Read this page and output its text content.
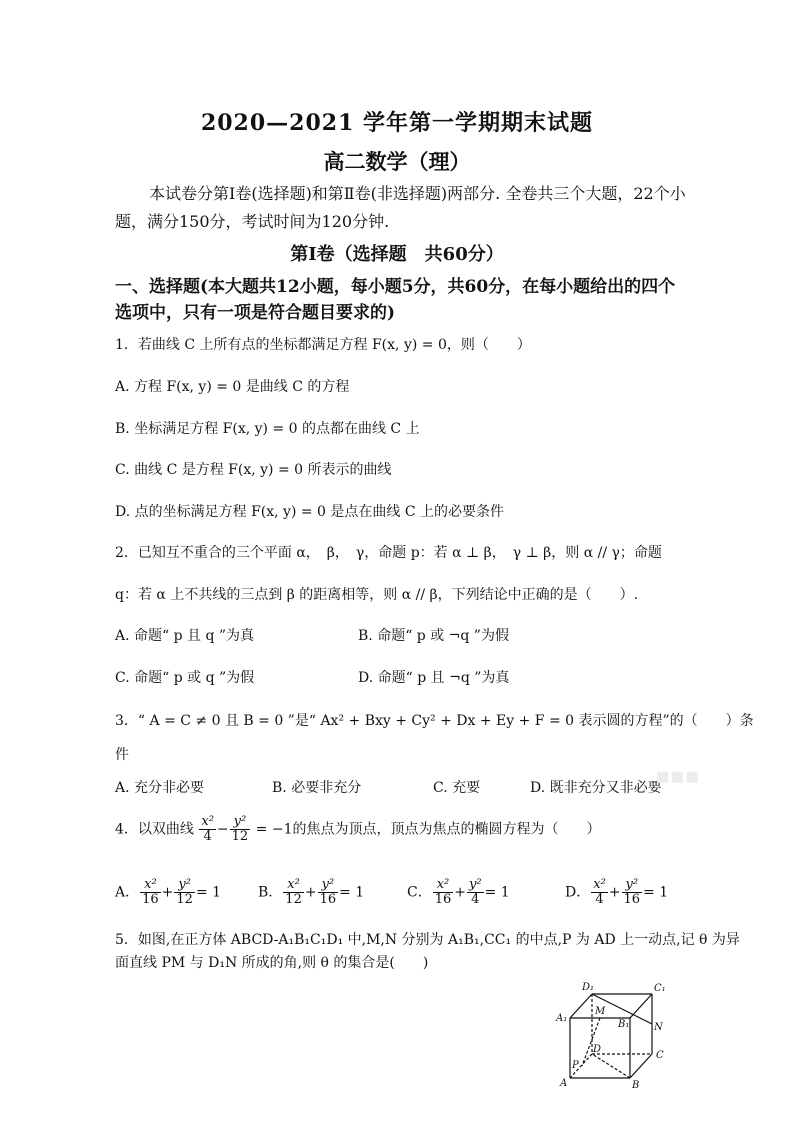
2020—2021 学年第一学期期末试题
高二数学（理）
本试卷分第Ⅰ卷(选择题)和第Ⅱ卷(非选择题)两部分. 全卷共三个大题，22个小题，满分150分，考试时间为120分钟.
第Ⅰ卷（选择题　共60分）
一、选择题(本大题共12小题，每小题5分，共60分，在每小题给出的四个选项中，只有一项是符合题目要求的)
1．若曲线 C 上所有点的坐标都满足方程 F(x, y) = 0，则（　　）
A. 方程 F(x, y) = 0 是曲线 C 的方程
B. 坐标满足方程 F(x, y) = 0 的点都在曲线 C 上
C. 曲线 C 是方程 F(x, y) = 0 所表示的曲线
D. 点的坐标满足方程 F(x, y) = 0 是点在曲线 C 上的必要条件
2．已知互不重合的三个平面 α，　β，　γ，命题 p：若 α ⊥ β，　γ ⊥ β，则 α // γ；命题
q：若 α 上不共线的三点到 β 的距离相等，则 α // β，下列结论中正确的是（　　）.
A. 命题“ p 且 q ”为真	B. 命题“ p 或 ¬q ”为假
C. 命题“ p 或 q ”为假	D. 命题“ p 且 ¬q ”为真
3．“ A = C ≠ 0 且 B = 0 ”是“ Ax² + Bxy + Cy² + Dx + Ey + F = 0 表示圆的方程”的（　　）条
件
A. 充分非必要	B. 必要非充分	C. 充要	D. 既非充分又非必要
▪▪▪
4．以双曲线 $\frac{\text{x²}}{4} - \frac{\text{y²}}{12} = -1$的焦点为顶点，顶点为焦点的椭圆方程为（　　）
A． $\frac{\text{x²}}{16} + \frac{\text{y²}}{12} = 1$	B． $\frac{\text{x²}}{12} + \frac{\text{y²}}{16} = 1$	C． $\frac{\text{x²}}{16} + \frac{\text{y²}}{4} = 1$	D． $\frac{\text{x²}}{4} + \frac{\text{y²}}{16} = 1$
5．如图,在正方体 ABCD-A₁B₁C₁D₁ 中,M,N 分别为 A₁B₁,CC₁ 的中点,P 为 AD 上一动点,记 θ 为异
面直线 PM 与 D₁N 所成的角,则 θ 的集合是(　　)
D₁	C₁
A₁
M
B₁ N
D
C
P
A	B
